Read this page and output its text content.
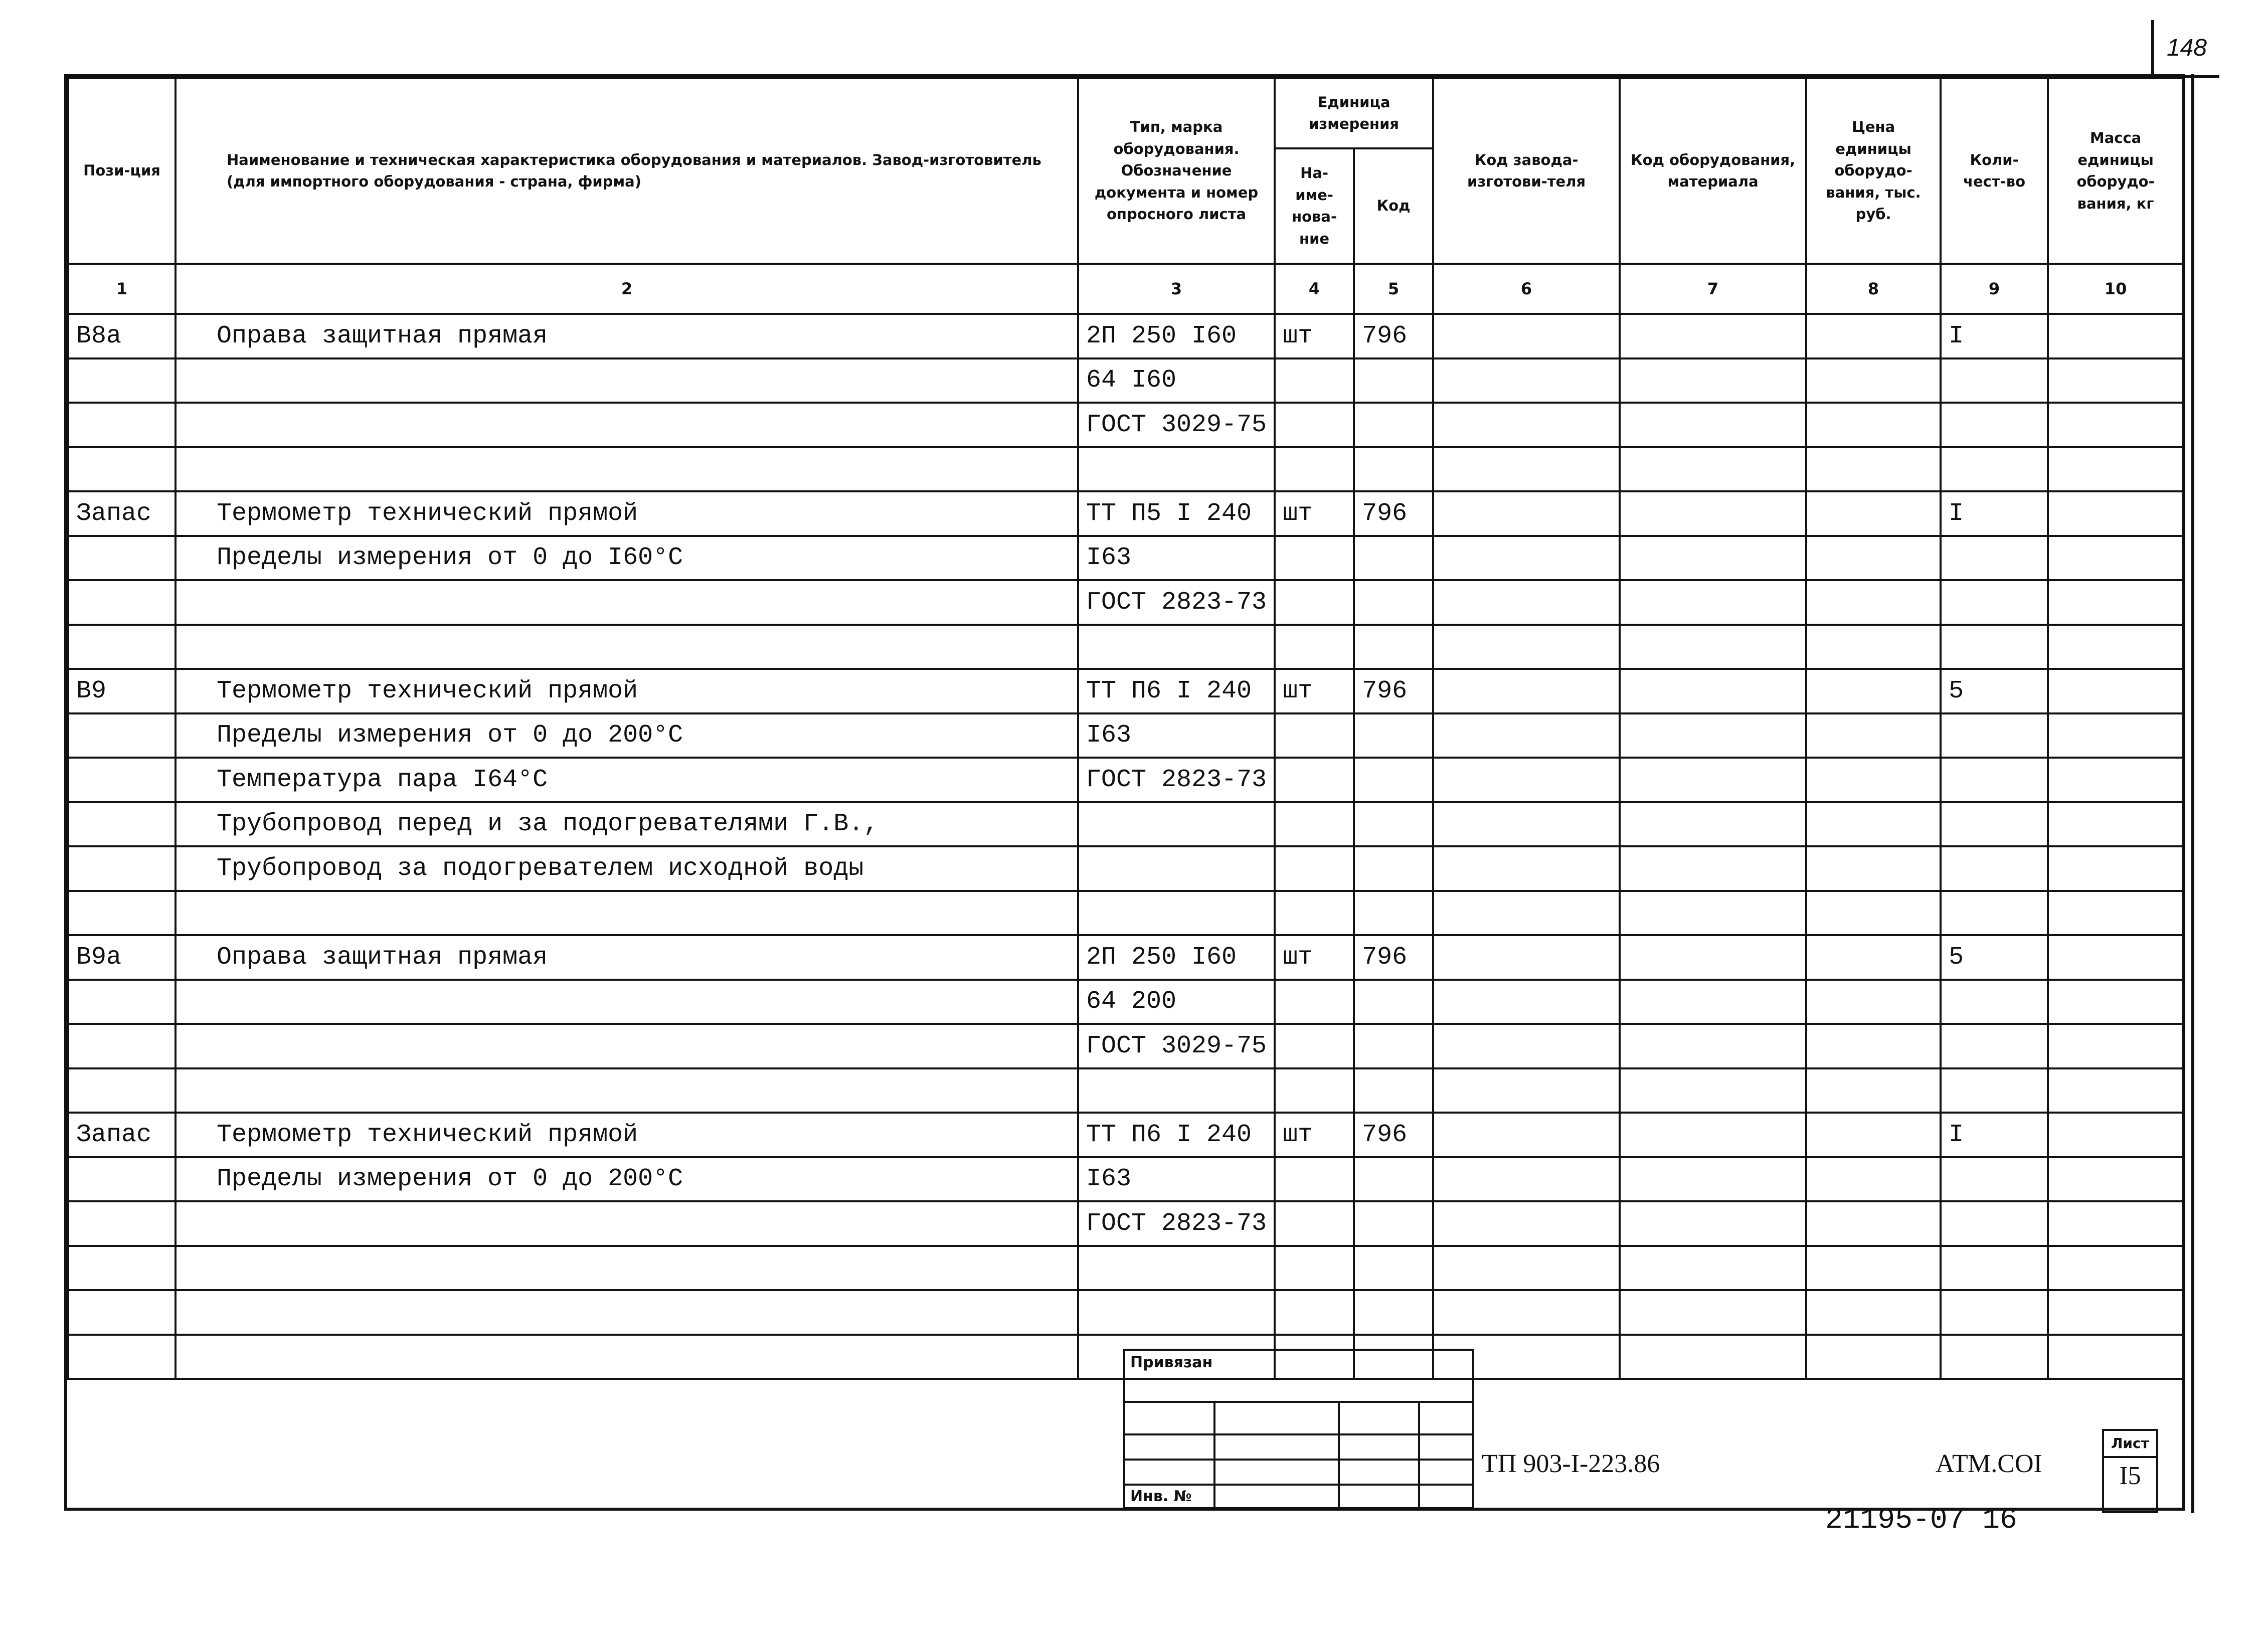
148
Пози-ция	Наименование и техническая характеристика оборудования и материалов. Завод-изготовитель (для импортного оборудования - страна, фирма)	Тип, марка оборудования. Обозначение документа и номер опросного листа	Единица измерения		Код завода-изготови-теля	Код оборудования, материала	Цена единицы оборудо-вания, тыс. руб.	Коли-чест-во	Масса единицы оборудо-вания, кг
			На-име-нова-ние	Код					
1	2	3	4	5	6	7	8	9	10
В8а	Оправа защитная прямая	2П 250 I60	шт	796				I	
		64 I60							
		ГОСТ 3029-75							

Запас	Термометр технический прямой	ТТ П5 I 240	шт	796				I	
	Пределы измерения от 0 до I60°С	I63							
		ГОСТ 2823-73							

В9	Термометр технический прямой	ТТ П6 I 240	шт	796				5	
	Пределы измерения от 0 до 200°С	I63							
	Температура пара I64°С	ГОСТ 2823-73							
	Трубопровод перед и за подогревателями Г.В.,								
	Трубопровод за подогревателем исходной воды								

В9а	Оправа защитная прямая	2П 250 I60	шт	796				5	
		64 200							
		ГОСТ 3029-75							

Запас	Термометр технический прямой	ТТ П6 I 240	шт	796				I	
	Пределы измерения от 0 до 200°С	I63							
		ГОСТ 2823-73							

Привязан
Инв. №
ТП 903-I-223.86	АТМ.СОI
Лист
I5
21195-07 16
